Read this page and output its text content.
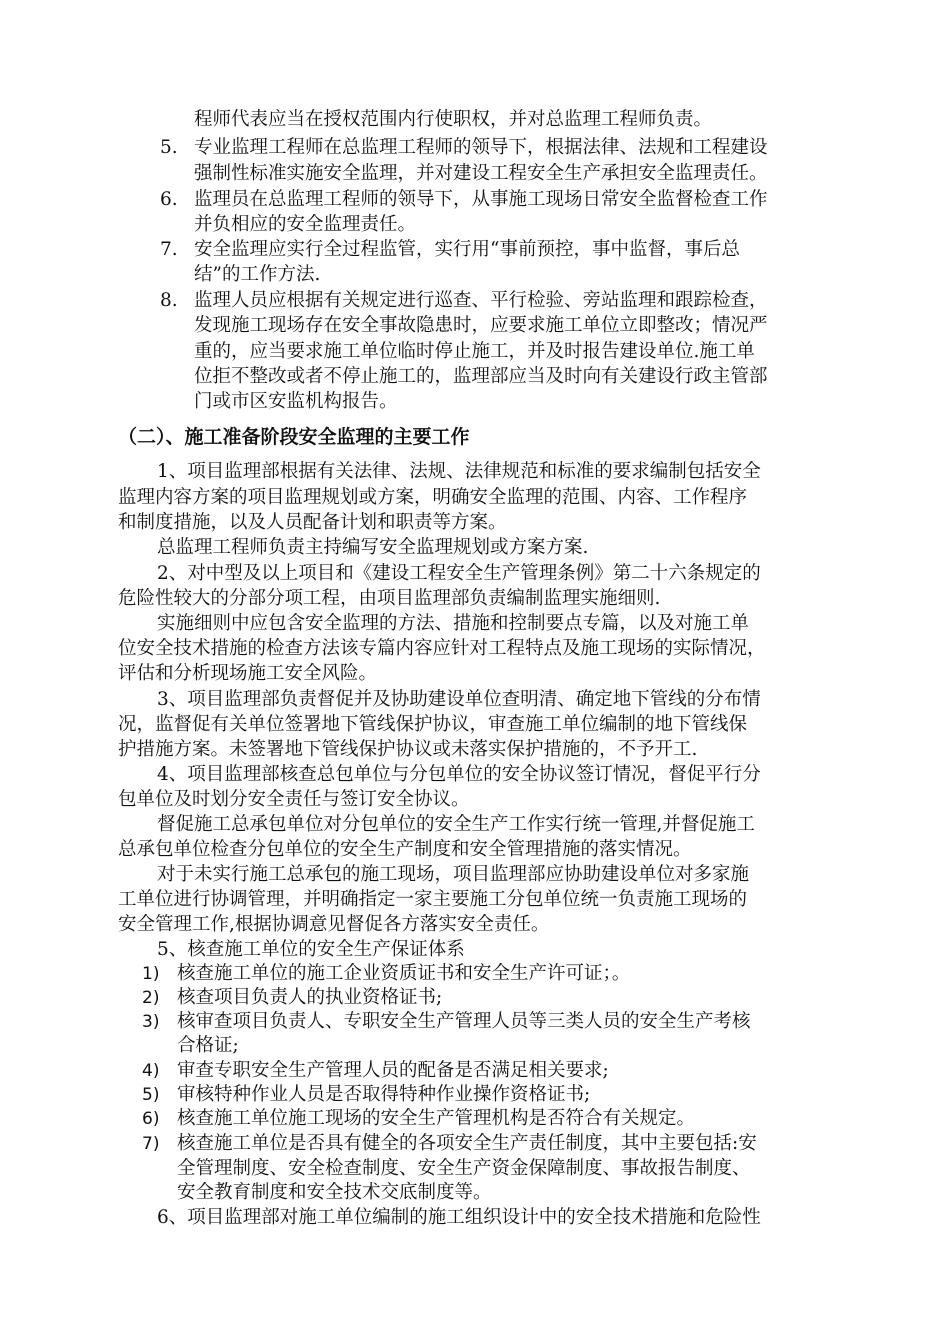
程师代表应当在授权范围内行使职权，并对总监理工程师负责。
5. 专业监理工程师在总监理工程师的领导下，根据法律、法规和工程建设
强制性标准实施安全监理，并对建设工程安全生产承担安全监理责任。
6. 监理员在总监理工程师的领导下，从事施工现场日常安全监督检查工作
并负相应的安全监理责任。
7. 安全监理应实行全过程监管，实行用“事前预控，事中监督，事后总
结”的工作方法.
8. 监理人员应根据有关规定进行巡查、平行检验、旁站监理和跟踪检查，
发现施工现场存在安全事故隐患时，应要求施工单位立即整改；情况严
重的，应当要求施工单位临时停止施工，并及时报告建设单位.施工单
位拒不整改或者不停止施工的，监理部应当及时向有关建设行政主管部
门或市区安监机构报告。
（二）、施工准备阶段安全监理的主要工作
1、项目监理部根据有关法律、法规、法律规范和标准的要求编制包括安全
监理内容方案的项目监理规划或方案，明确安全监理的范围、内容、工作程序
和制度措施，以及人员配备计划和职责等方案。
总监理工程师负责主持编写安全监理规划或方案方案.
2、对中型及以上项目和《建设工程安全生产管理条例》第二十六条规定的
危险性较大的分部分项工程，由项目监理部负责编制监理实施细则.
实施细则中应包含安全监理的方法、措施和控制要点专篇，以及对施工单
位安全技术措施的检查方法该专篇内容应针对工程特点及施工现场的实际情况，
评估和分析现场施工安全风险。
3、项目监理部负责督促并及协助建设单位查明清、确定地下管线的分布情
况，监督促有关单位签署地下管线保护协议，审查施工单位编制的地下管线保
护措施方案。未签署地下管线保护协议或未落实保护措施的，不予开工.
4、项目监理部核查总包单位与分包单位的安全协议签订情况，督促平行分
包单位及时划分安全责任与签订安全协议。
督促施工总承包单位对分包单位的安全生产工作实行统一管理,并督促施工
总承包单位检查分包单位的安全生产制度和安全管理措施的落实情况。
对于未实行施工总承包的施工现场，项目监理部应协助建设单位对多家施
工单位进行协调管理，并明确指定一家主要施工分包单位统一负责施工现场的
安全管理工作,根据协调意见督促各方落实安全责任。
5、核查施工单位的安全生产保证体系
1) 核查施工单位的施工企业资质证书和安全生产许可证；。
2) 核查项目负责人的执业资格证书;
3) 核审查项目负责人、专职安全生产管理人员等三类人员的安全生产考核
合格证;
4) 审查专职安全生产管理人员的配备是否满足相关要求;
5) 审核特种作业人员是否取得特种作业操作资格证书;
6) 核查施工单位施工现场的安全生产管理机构是否符合有关规定。
7) 核查施工单位是否具有健全的各项安全生产责任制度，其中主要包括:安
全管理制度、安全检查制度、安全生产资金保障制度、事故报告制度、
安全教育制度和安全技术交底制度等。
6、项目监理部对施工单位编制的施工组织设计中的安全技术措施和危险性
